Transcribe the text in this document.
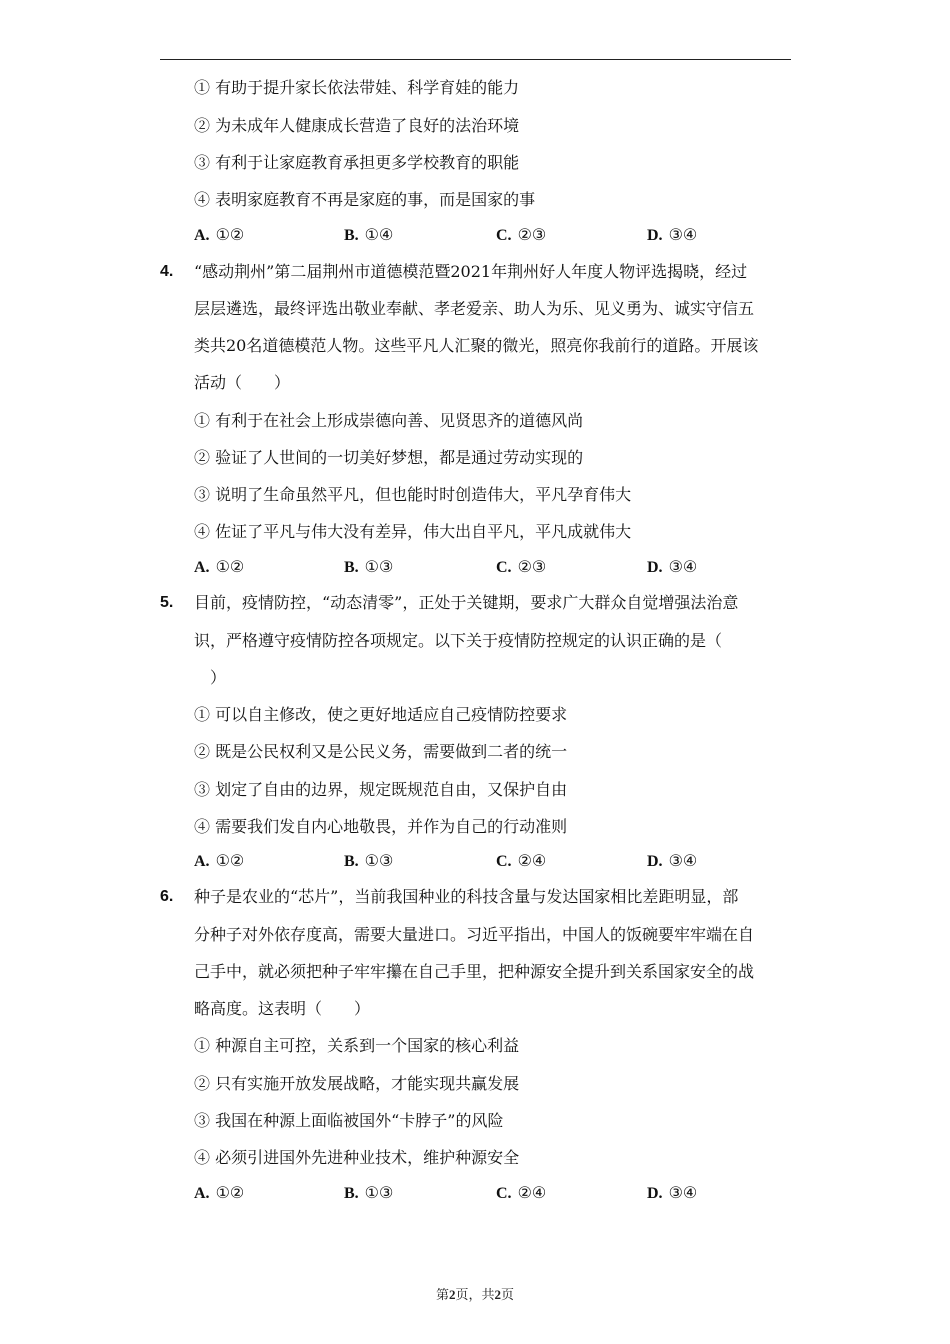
① 有助于提升家长依法带娃、科学育娃的能力
② 为未成年人健康成长营造了良好的法治环境
③ 有利于让家庭教育承担更多学校教育的职能
④ 表明家庭教育不再是家庭的事，而是国家的事
A. ①②	B. ①④	C. ②③	D. ③④
4. “感动荆州”第二届荆州市道德模范暨2021年荆州好人年度人物评选揭晓，经过
层层遴选，最终评选出敬业奉献、孝老爱亲、助人为乐、见义勇为、诚实守信五
类共20名道德模范人物。这些平凡人汇聚的微光，照亮你我前行的道路。开展该
活动（　　）
① 有利于在社会上形成崇德向善、见贤思齐的道德风尚
② 验证了人世间的一切美好梦想，都是通过劳动实现的
③ 说明了生命虽然平凡，但也能时时创造伟大，平凡孕育伟大
④ 佐证了平凡与伟大没有差异，伟大出自平凡，平凡成就伟大
A. ①②	B. ①③	C. ②③	D. ③④
5. 目前，疫情防控，“动态清零”，正处于关键期，要求广大群众自觉增强法治意
识，严格遵守疫情防控各项规定。以下关于疫情防控规定的认识正确的是（
）
① 可以自主修改，使之更好地适应自己疫情防控要求
② 既是公民权利又是公民义务，需要做到二者的统一
③ 划定了自由的边界，规定既规范自由，又保护自由
④ 需要我们发自内心地敬畏，并作为自己的行动准则
A. ①②	B. ①③	C. ②④	D. ③④
6. 种子是农业的“芯片”，当前我国种业的科技含量与发达国家相比差距明显，部
分种子对外依存度高，需要大量进口。习近平指出，中国人的饭碗要牢牢端在自
己手中，就必须把种子牢牢攥在自己手里，把种源安全提升到关系国家安全的战
略高度。这表明（　　）
① 种源自主可控，关系到一个国家的核心利益
② 只有实施开放发展战略，才能实现共赢发展
③ 我国在种源上面临被国外“卡脖子”的风险
④ 必须引进国外先进种业技术，维护种源安全
A. ①②	B. ①③	C. ②④	D. ③④
第2页，共2页
